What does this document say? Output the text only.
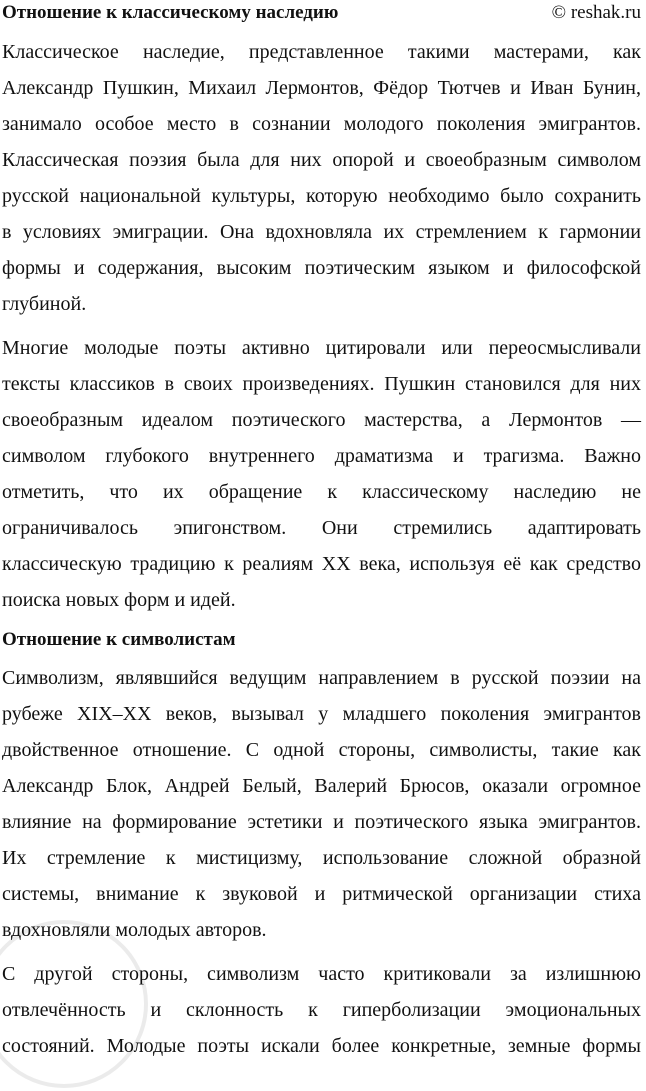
Отношение к классическому наследию	© reshak.ru
Классическое наследие, представленное такими мастерами, как
Александр Пушкин, Михаил Лермонтов, Фёдор Тютчев и Иван Бунин,
занимало особое место в сознании молодого поколения эмигрантов.
Классическая поэзия была для них опорой и своеобразным символом
русской национальной культуры, которую необходимо было сохранить
в условиях эмиграции. Она вдохновляла их стремлением к гармонии
формы и содержания, высоким поэтическим языком и философской
глубиной.
Многие молодые поэты активно цитировали или переосмысливали
тексты классиков в своих произведениях. Пушкин становился для них
своеобразным идеалом поэтического мастерства, а Лермонтов —
символом глубокого внутреннего драматизма и трагизма. Важно
отметить, что их обращение к классическому наследию не
ограничивалось эпигонством. Они стремились адаптировать
классическую традицию к реалиям XX века, используя её как средство
поиска новых форм и идей.
Отношение к символистам
Символизм, являвшийся ведущим направлением в русской поэзии на
рубеже XIX–XX веков, вызывал у младшего поколения эмигрантов
двойственное отношение. С одной стороны, символисты, такие как
Александр Блок, Андрей Белый, Валерий Брюсов, оказали огромное
влияние на формирование эстетики и поэтического языка эмигрантов.
Их стремление к мистицизму, использование сложной образной
системы, внимание к звуковой и ритмической организации стиха
вдохновляли молодых авторов.
С другой стороны, символизм часто критиковали за излишнюю
отвлечённость и склонность к гиперболизации эмоциональных
состояний. Молодые поэты искали более конкретные, земные формы
